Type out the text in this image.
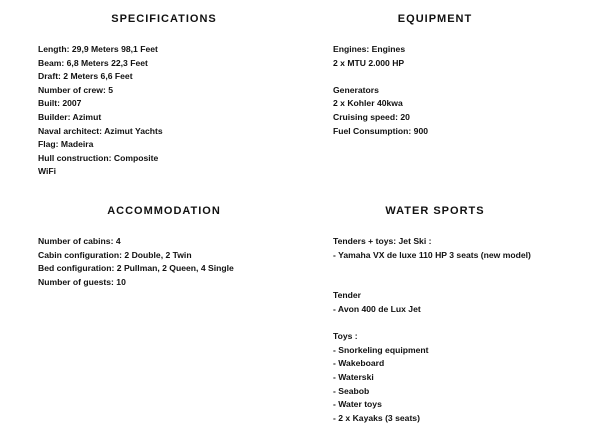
SPECIFICATIONS
Length: 29,9 Meters 98,1 Feet
Beam: 6,8 Meters 22,3 Feet
Draft: 2 Meters 6,6 Feet
Number of crew: 5
Built: 2007
Builder: Azimut
Naval architect: Azimut Yachts
Flag: Madeira
Hull construction: Composite
WiFi
EQUIPMENT
Engines: Engines
2 x MTU 2.000 HP
Generators
2 x Kohler 40kwa
Cruising speed: 20
Fuel Consumption: 900
ACCOMMODATION
Number of cabins: 4
Cabin configuration: 2 Double, 2 Twin
Bed configuration: 2 Pullman, 2 Queen, 4 Single
Number of guests: 10
WATER SPORTS
Tenders + toys: Jet Ski :
- Yamaha VX de luxe 110 HP 3 seats (new model)
Tender
- Avon 400 de Lux Jet
Toys :
- Snorkeling equipment
- Wakeboard
- Waterski
- Seabob
- Water toys
- 2 x Kayaks (3 seats)
